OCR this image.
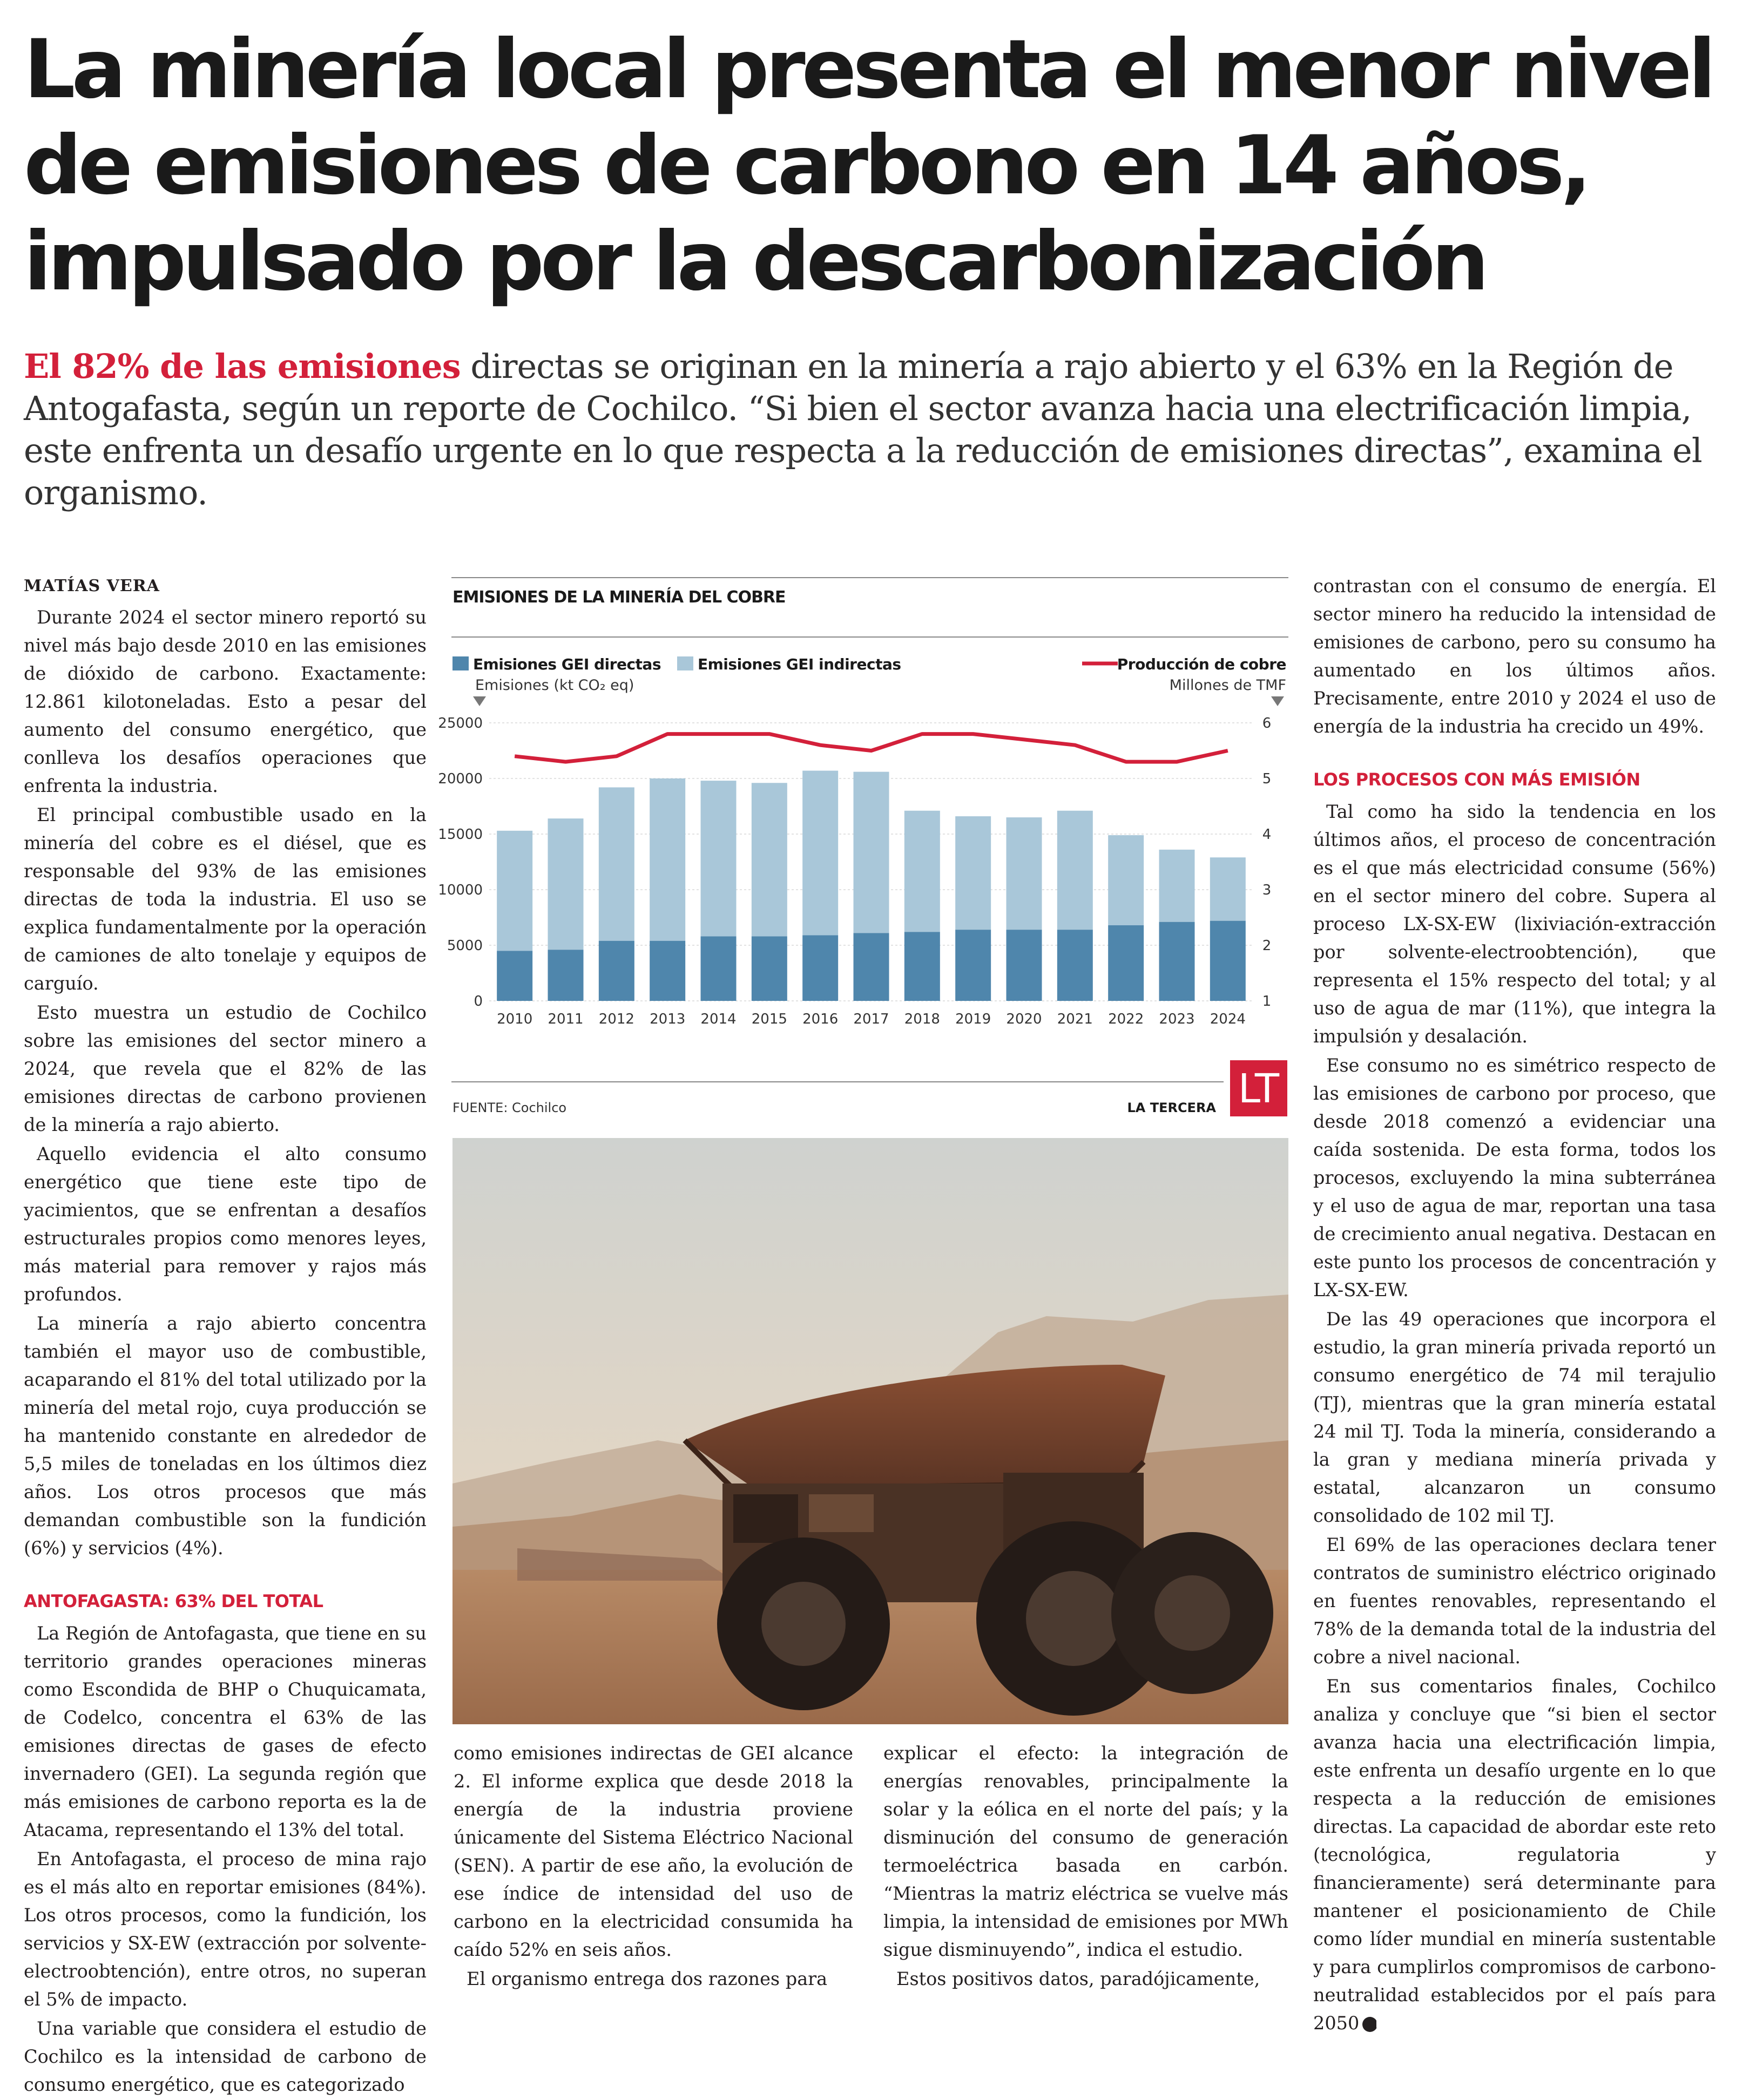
La minería local presenta el menor nivel de emisiones de carbono en 14 años, impulsado por la descarbonización
El 82% de las emisiones directas se originan en la minería a rajo abierto y el 63% en la Región de Antogafasta, según un reporte de Cochilco. “Si bien el sector avanza hacia una electrificación limpia, este enfrenta un desafío urgente en lo que respecta a la reducción de emisiones directas”, examina el organismo.
MATÍAS VERA

Durante 2024 el sector minero reportó su nivel más bajo desde 2010 en las emisiones de dióxido de carbono. Exactamente: 12.861 kilotoneladas. Esto a pesar del aumento del consumo energético, que conlleva los desafíos operaciones que enfrenta la industria.

El principal combustible usado en la minería del cobre es el diésel, que es responsable del 93% de las emisiones directas de toda la industria. El uso se explica fundamentalmente por la operación de camiones de alto tonelaje y equipos de carguío.

Esto muestra un estudio de Cochilco sobre las emisiones del sector minero a 2024, que revela que el 82% de las emisiones directas de carbono provienen de la minería a rajo abierto.

Aquello evidencia el alto consumo energético que tiene este tipo de yacimientos, que se enfrentan a desafíos estructurales propios como menores leyes, más material para remover y rajos más profundos.

La minería a rajo abierto concentra también el mayor uso de combustible, acaparando el 81% del total utilizado por la minería del metal rojo, cuya producción se ha mantenido constante en alrededor de 5,5 miles de toneladas en los últimos diez años. Los otros procesos que más demandan combustible son la fundición (6%) y servicios (4%).

ANTOFAGASTA: 63% DEL TOTAL

La Región de Antofagasta, que tiene en su territorio grandes operaciones mineras como Escondida de BHP o Chuquicamata, de Codelco, concentra el 63% de las emisiones directas de gases de efecto invernadero (GEI). La segunda región que más emisiones de carbono reporta es la de Atacama, representando el 13% del total.

En Antofagasta, el proceso de mina rajo es el más alto en reportar emisiones (84%). Los otros procesos, como la fundición, los servicios y SX-EW (extracción por solvente-electroobtención), entre otros, no superan el 5% de impacto.

Una variable que considera el estudio de Cochilco es la intensidad de carbono de consumo energético, que es categorizado

EMISIONES DE LA MINERÍA DEL COBRE
Emisiones GEI directas Emisiones GEI indirectas	Producción de cobre
Emisiones (kt CO₂ eq)	Millones de TMF
0
5000
10000
15000
20000
25000
1
2
3
4
5
6
2010 2011 2012 2013 2014 2015 2016 2017 2018 2019 2020 2021 2022 2023 2024
FUENTE: Cochilco	LA TERCERA LT

como emisiones indirectas de GEI alcance 2. El informe explica que desde 2018 la energía de la industria proviene únicamente del Sistema Eléctrico Nacional (SEN). A partir de ese año, la evolución de ese índice de intensidad del uso de carbono en la electricidad consumida ha caído 52% en seis años.

El organismo entrega dos razones para

explicar el efecto: la integración de energías renovables, principalmente la solar y la eólica en el norte del país; y la disminución del consumo de generación termoeléctrica basada en carbón. “Mientras la matriz eléctrica se vuelve más limpia, la intensidad de emisiones por MWh sigue disminuyendo”, indica el estudio.

Estos positivos datos, paradójicamente,

contrastan con el consumo de energía. El sector minero ha reducido la intensidad de emisiones de carbono, pero su consumo ha aumentado en los últimos años. Precisamente, entre 2010 y 2024 el uso de energía de la industria ha crecido un 49%.

LOS PROCESOS CON MÁS EMISIÓN

Tal como ha sido la tendencia en los últimos años, el proceso de concentración es el que más electricidad consume (56%) en el sector minero del cobre. Supera al proceso LX-SX-EW (lixiviación-extracción por solvente-electroobtención), que representa el 15% respecto del total; y al uso de agua de mar (11%), que integra la impulsión y desalación.

Ese consumo no es simétrico respecto de las emisiones de carbono por proceso, que desde 2018 comenzó a evidenciar una caída sostenida. De esta forma, todos los procesos, excluyendo la mina subterránea y el uso de agua de mar, reportan una tasa de crecimiento anual negativa. Destacan en este punto los procesos de concentración y LX-SX-EW.

De las 49 operaciones que incorpora el estudio, la gran minería privada reportó un consumo energético de 74 mil terajulio (TJ), mientras que la gran minería estatal 24 mil TJ. Toda la minería, considerando a la gran y mediana minería privada y estatal, alcanzaron un consumo consolidado de 102 mil TJ.

El 69% de las operaciones declara tener contratos de suministro eléctrico originado en fuentes renovables, representando el 78% de la demanda total de la industria del cobre a nivel nacional.

En sus comentarios finales, Cochilco analiza y concluye que “si bien el sector avanza hacia una electrificación limpia, este enfrenta un desafío urgente en lo que respecta a la reducción de emisiones directas. La capacidad de abordar este reto (tecnológica, regulatoria y financieramente) será determinante para mantener el posicionamiento de Chile como líder mundial en minería sustentable y para cumplirlos compromisos de carbono-neutralidad establecidos por el país para 2050 P
